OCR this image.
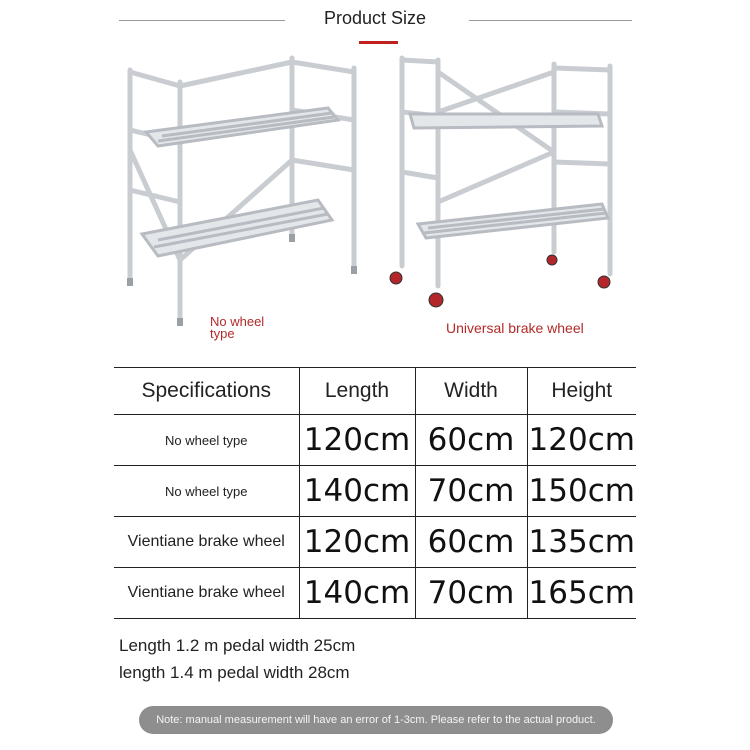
Product Size
No wheel
type	Universal brake wheel
Specifications	Length	Width	Height
No wheel type	120cm	60cm	120cm
No wheel type	140cm	70cm	150cm
Vientiane brake wheel	120cm	60cm	135cm
Vientiane brake wheel	140cm	70cm	165cm
Length 1.2 m pedal width 25cm
length 1.4 m pedal width 28cm
Note: manual measurement will have an error of 1-3cm. Please refer to the actual product.
